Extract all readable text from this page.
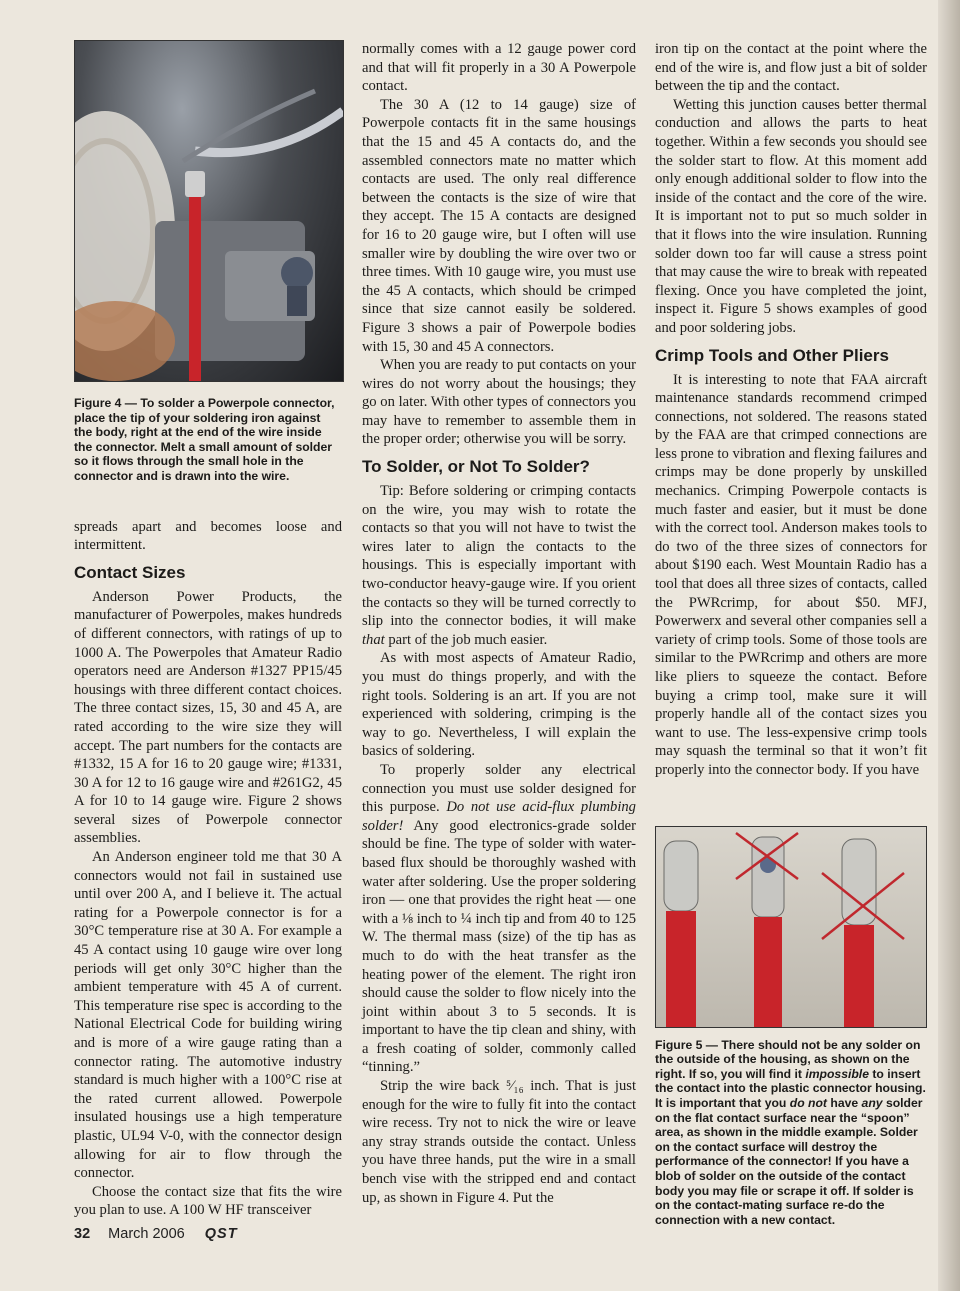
Figure 4 — To solder a Powerpole connector, place the tip of your soldering iron against the body, right at the end of the wire inside the connector. Melt a small amount of solder so it flows through the small hole in the connector and is drawn into the wire.

spreads apart and becomes loose and intermittent.

Contact Sizes

Anderson Power Products, the manufacturer of Powerpoles, makes hundreds of different connectors, with ratings of up to 1000 A. The Powerpoles that Amateur Radio operators need are Anderson #1327 PP15/45 housings with three different contact choices. The three contact sizes, 15, 30 and 45 A, are rated according to the wire size they will accept. The part numbers for the contacts are #1332, 15 A for 16 to 20 gauge wire; #1331, 30 A for 12 to 16 gauge wire and #261G2, 45 A for 10 to 14 gauge wire. Figure 2 shows several sizes of Powerpole connector assemblies.

An Anderson engineer told me that 30 A connectors would not fail in sustained use until over 200 A, and I believe it. The actual rating for a Powerpole connector is for a 30°C temperature rise at 30 A. For example a 45 A contact using 10 gauge wire over long periods will get only 30°C higher than the ambient temperature with 45 A of current. This temperature rise spec is according to the National Electrical Code for building wiring and is more of a wire gauge rating than a connector rating. The automotive industry standard is much higher with a 100°C rise at the rated current allowed. Powerpole insulated housings use a high temperature plastic, UL94 V-0, with the connector design allowing for air to flow through the connector.

Choose the contact size that fits the wire you plan to use. A 100 W HF transceiver

normally comes with a 12 gauge power cord and that will fit properly in a 30 A Powerpole contact.

The 30 A (12 to 14 gauge) size of Powerpole contacts fit in the same housings that the 15 and 45 A contacts do, and the assembled connectors mate no matter which contacts are used. The only real difference between the contacts is the size of wire that they accept. The 15 A contacts are designed for 16 to 20 gauge wire, but I often will use smaller wire by doubling the wire over two or three times. With 10 gauge wire, you must use the 45 A contacts, which should be crimped since that size cannot easily be soldered. Figure 3 shows a pair of Powerpole bodies with 15, 30 and 45 A connectors.

When you are ready to put contacts on your wires do not worry about the housings; they go on later. With other types of connectors you may have to remember to assemble them in the proper order; otherwise you will be sorry.

To Solder, or Not To Solder?

Tip: Before soldering or crimping contacts on the wire, you may wish to rotate the contacts so that you will not have to twist the wires later to align the contacts to the housings. This is especially important with two-conductor heavy-gauge wire. If you orient the contacts so they will be turned correctly to slip into the connector bodies, it will make that part of the job much easier.

As with most aspects of Amateur Radio, you must do things properly, and with the right tools. Soldering is an art. If you are not experienced with soldering, crimping is the way to go. Nevertheless, I will explain the basics of soldering.

To properly solder any electrical connection you must use solder designed for this purpose. Do not use acid-flux plumbing solder! Any good electronics-grade solder should be fine. The type of solder with water-based flux should be thoroughly washed with water after soldering. Use the proper soldering iron — one that provides the right heat — one with a ⅛ inch to ¼ inch tip and from 40 to 125 W. The thermal mass (size) of the tip has as much to do with the heat transfer as the heating power of the element. The right iron should cause the solder to flow nicely into the joint within about 3 to 5 seconds. It is important to have the tip clean and shiny, with a fresh coating of solder, commonly called “tinning.”

Strip the wire back ⁵⁄₁₆ inch. That is just enough for the wire to fully fit into the contact wire recess. Try not to nick the wire or leave any stray strands outside the contact. Unless you have three hands, put the wire in a small bench vise with the stripped end and contact up, as shown in Figure 4. Put the

iron tip on the contact at the point where the end of the wire is, and flow just a bit of solder between the tip and the contact.

Wetting this junction causes better thermal conduction and allows the parts to heat together. Within a few seconds you should see the solder start to flow. At this moment add only enough additional solder to flow into the inside of the contact and the core of the wire. It is important not to put so much solder in that it flows into the wire insulation. Running solder down too far will cause a stress point that may cause the wire to break with repeated flexing. Once you have completed the joint, inspect it. Figure 5 shows examples of good and poor soldering jobs.

Crimp Tools and Other Pliers

It is interesting to note that FAA aircraft maintenance standards recommend crimped connections, not soldered. The reasons stated by the FAA are that crimped connections are less prone to vibration and flexing failures and crimps may be done properly by unskilled mechanics. Crimping Powerpole contacts is much faster and easier, but it must be done with the correct tool. Anderson makes tools to do two of the three sizes of connectors for about $190 each. West Mountain Radio has a tool that does all three sizes of contacts, called the PWRcrimp, for about $50. MFJ, Powerwerx and several other companies sell a variety of crimp tools. Some of those tools are similar to the PWRcrimp and others are more like pliers to squeeze the contact. Before buying a crimp tool, make sure it will properly handle all of the contact sizes you want to use. The less-expensive crimp tools may squash the terminal so that it won’t fit properly into the connector body. If you have

Figure 5 — There should not be any solder on the outside of the housing, as shown on the right. If so, you will find it impossible to insert the contact into the plastic connector housing. It is important that you do not have any solder on the flat contact surface near the “spoon” area, as shown in the middle example. Solder on the contact surface will destroy the performance of the connector! If you have a blob of solder on the outside of the contact body you may file or scrape it off. If solder is on the contact-mating surface re-do the connection with a new contact.
32 March 2006 QST
